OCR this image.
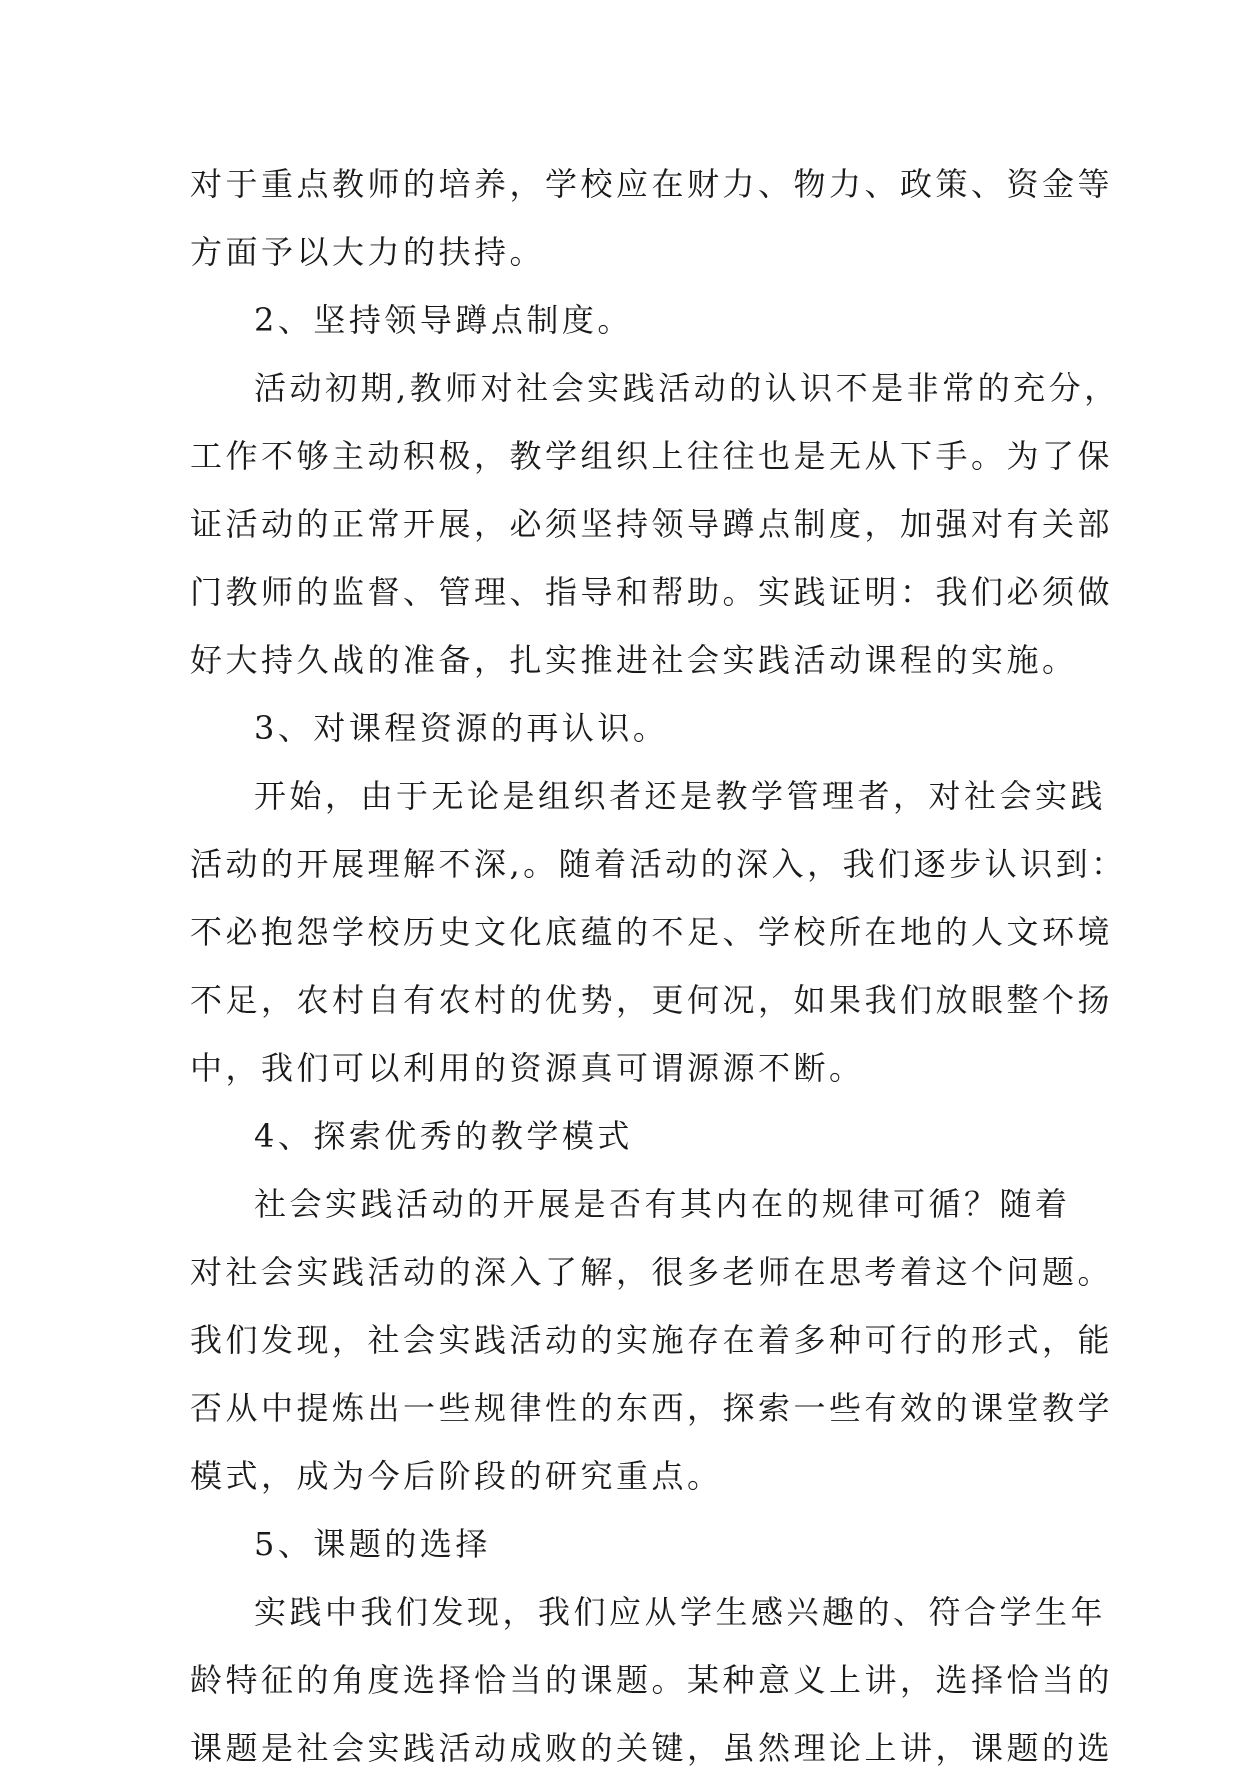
对于重点教师的培养，学校应在财力、物力、政策、资金等
方面予以大力的扶持。
2、坚持领导蹲点制度。
活动初期,教师对社会实践活动的认识不是非常的充分，
工作不够主动积极，教学组织上往往也是无从下手。为了保
证活动的正常开展，必须坚持领导蹲点制度，加强对有关部
门教师的监督、管理、指导和帮助。实践证明：我们必须做
好大持久战的准备，扎实推进社会实践活动课程的实施。
3、对课程资源的再认识。
开始，由于无论是组织者还是教学管理者，对社会实践
活动的开展理解不深,。随着活动的深入，我们逐步认识到：
不必抱怨学校历史文化底蕴的不足、学校所在地的人文环境
不足，农村自有农村的优势，更何况，如果我们放眼整个扬
中，我们可以利用的资源真可谓源源不断。
4、探索优秀的教学模式
社会实践活动的开展是否有其内在的规律可循？随着
对社会实践活动的深入了解，很多老师在思考着这个问题。
我们发现，社会实践活动的实施存在着多种可行的形式，能
否从中提炼出一些规律性的东西，探索一些有效的课堂教学
模式，成为今后阶段的研究重点。
5、课题的选择
实践中我们发现，我们应从学生感兴趣的、符合学生年
龄特征的角度选择恰当的课题。某种意义上讲，选择恰当的
课题是社会实践活动成败的关键，虽然理论上讲，课题的选
